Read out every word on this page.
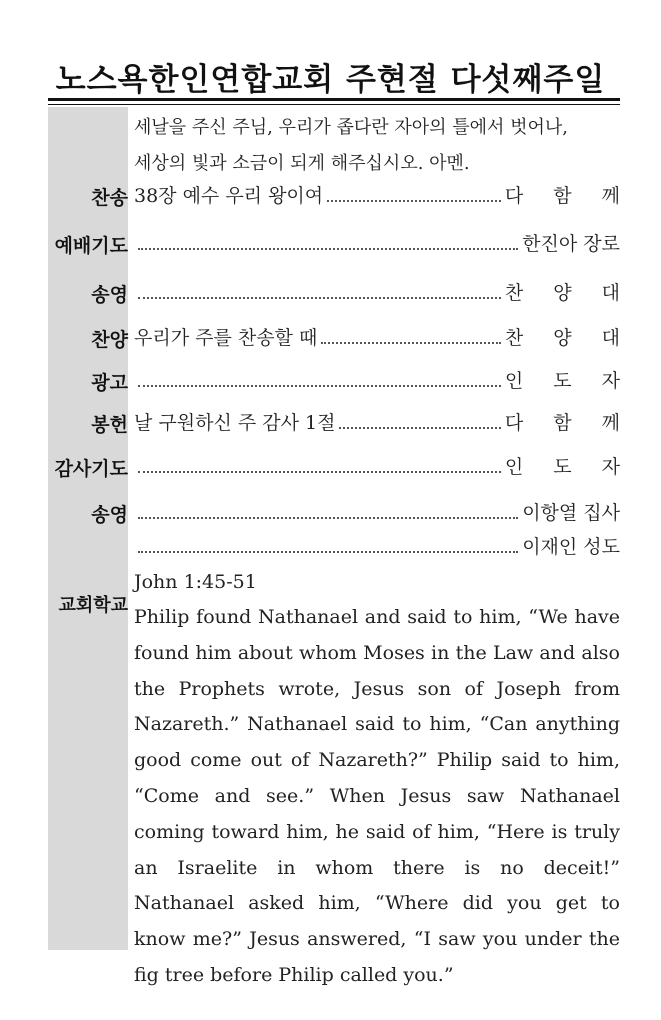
노스욕한인연합교회 주현절 다섯째주일
세날을 주신 주님, 우리가 좁다란 자아의 틀에서 벗어나,
세상의 빛과 소금이 되게 해주십시오. 아멘.
찬송 38장 예수 우리 왕이여	다 함 께
예배기도	한진아 장로
송영	찬 양 대
찬양 우리가 주를 찬송할 때	찬 양 대
광고	인 도 자
봉헌 날 구원하신 주 감사 1절	다 함 께
감사기도	인 도 자
송영	이항열 집사
이재인 성도
교회학교
John 1:45-51
Philip found Nathanael and said to him, “We have found him about whom Moses in the Law and also the Prophets wrote, Jesus son of Joseph from Nazareth.” Nathanael said to him, “Can anything good come out of Nazareth?” Philip said to him, “Come and see.” When Jesus saw Nathanael coming toward him, he said of him, “Here is truly an Israelite in whom there is no deceit!” Nathanael asked him, “Where did you get to know me?” Jesus answered, “I saw you under the fig tree before Philip called you.”
